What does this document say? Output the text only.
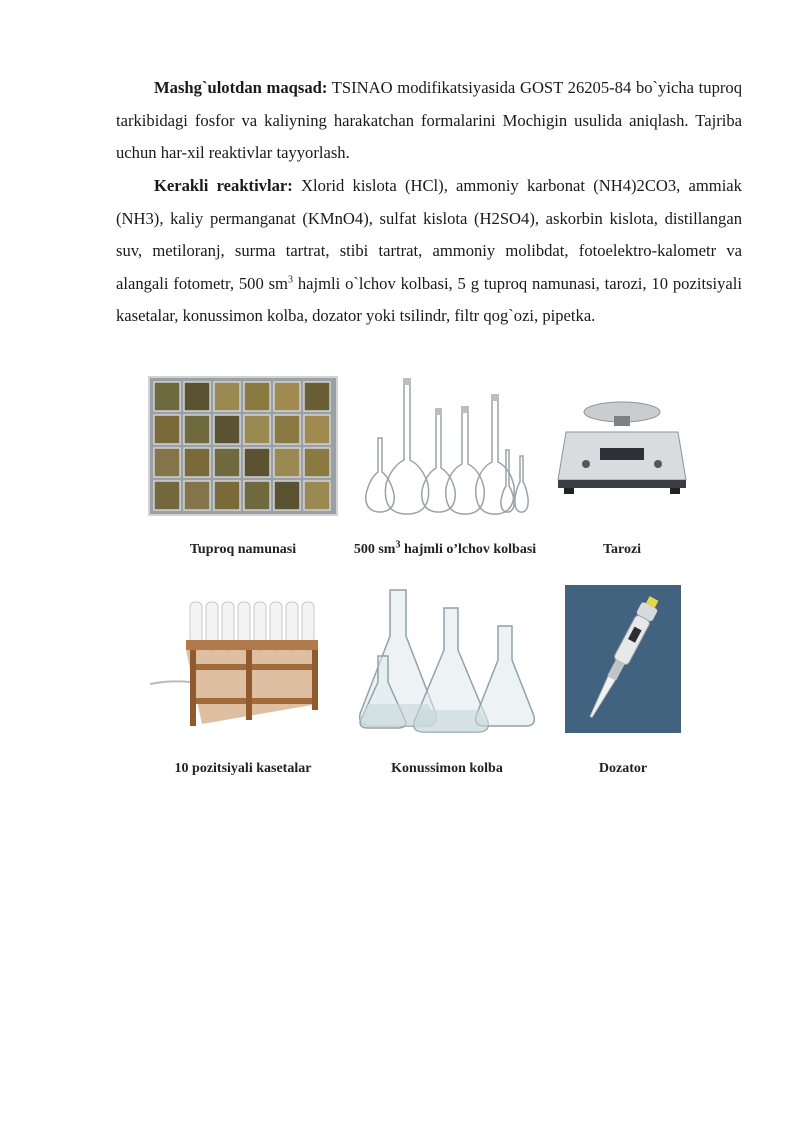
Mashg`ulotdan maqsad: TSINAO modifikatsiyasida GOST 26205-84 bo`yicha tuproq tarkibidagi fosfor va kaliyning harakatchan formalarini Mochigin usulida aniqlash. Tajriba uchun har-xil reaktivlar tayyorlash.

Kerakli reaktivlar: Xlorid kislota (HCl), ammoniy karbonat (NH4)2CO3, ammiak (NH3), kaliy permanganat (KMnO4), sulfat kislota (H2SO4), askorbin kislota, distillangan suv, metiloranj, surma tartrat, stibi tartrat, ammoniy molibdat, fotoelektro-kalometr va alangali fotometr, 500 $sm^3$ hajmli o`lchov kolbasi, 5 g tuproq namunasi, tarozi, 10 pozitsiyali kasetalar, konussimon kolba, dozator yoki tsilindr, filtr qog`ozi, pipetka.

Tuproq namunasi	500 $sm^3$ hajmli o’lchov kolbasi	Tarozi
10 pozitsiyali kasetalar	Konussimon kolba	Dozator
